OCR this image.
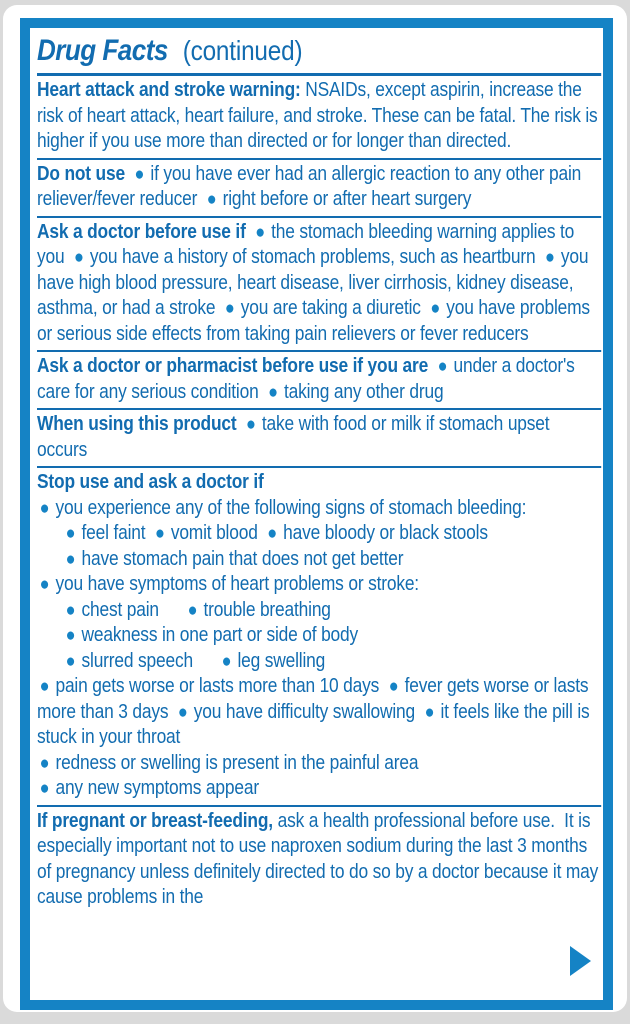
Drug Facts (continued)
Heart attack and stroke warning: NSAIDs, except aspirin, increase the risk of heart attack, heart failure, and stroke. These can be fatal. The risk is higher if you use more than directed or for longer than directed.
Do not use ● if you have ever had an allergic reaction to any other pain reliever/fever reducer ● right before or after heart surgery
Ask a doctor before use if ● the stomach bleeding warning applies to you ● you have a history of stomach problems, such as heartburn ● you have high blood pressure, heart disease, liver cirrhosis, kidney disease, asthma, or had a stroke ● you are taking a diuretic ● you have problems or serious side effects from taking pain relievers or fever reducers
Ask a doctor or pharmacist before use if you are ● under a doctor's care for any serious condition ● taking any other drug
When using this product ● take with food or milk if stomach upset occurs
Stop use and ask a doctor if
● you experience any of the following signs of stomach bleeding:
● feel faint ● vomit blood ● have bloody or black stools
● have stomach pain that does not get better
● you have symptoms of heart problems or stroke:
● chest pain ● trouble breathing
● weakness in one part or side of body
● slurred speech ● leg swelling
● pain gets worse or lasts more than 10 days ● fever gets worse or lasts more than 3 days ● you have difficulty swallowing ● it feels like the pill is stuck in your throat
● redness or swelling is present in the painful area
● any new symptoms appear
If pregnant or breast-feeding, ask a health professional before use.  It is especially important not to use naproxen sodium during the last 3 months of pregnancy unless definitely directed to do so by a doctor because it may cause problems in the
